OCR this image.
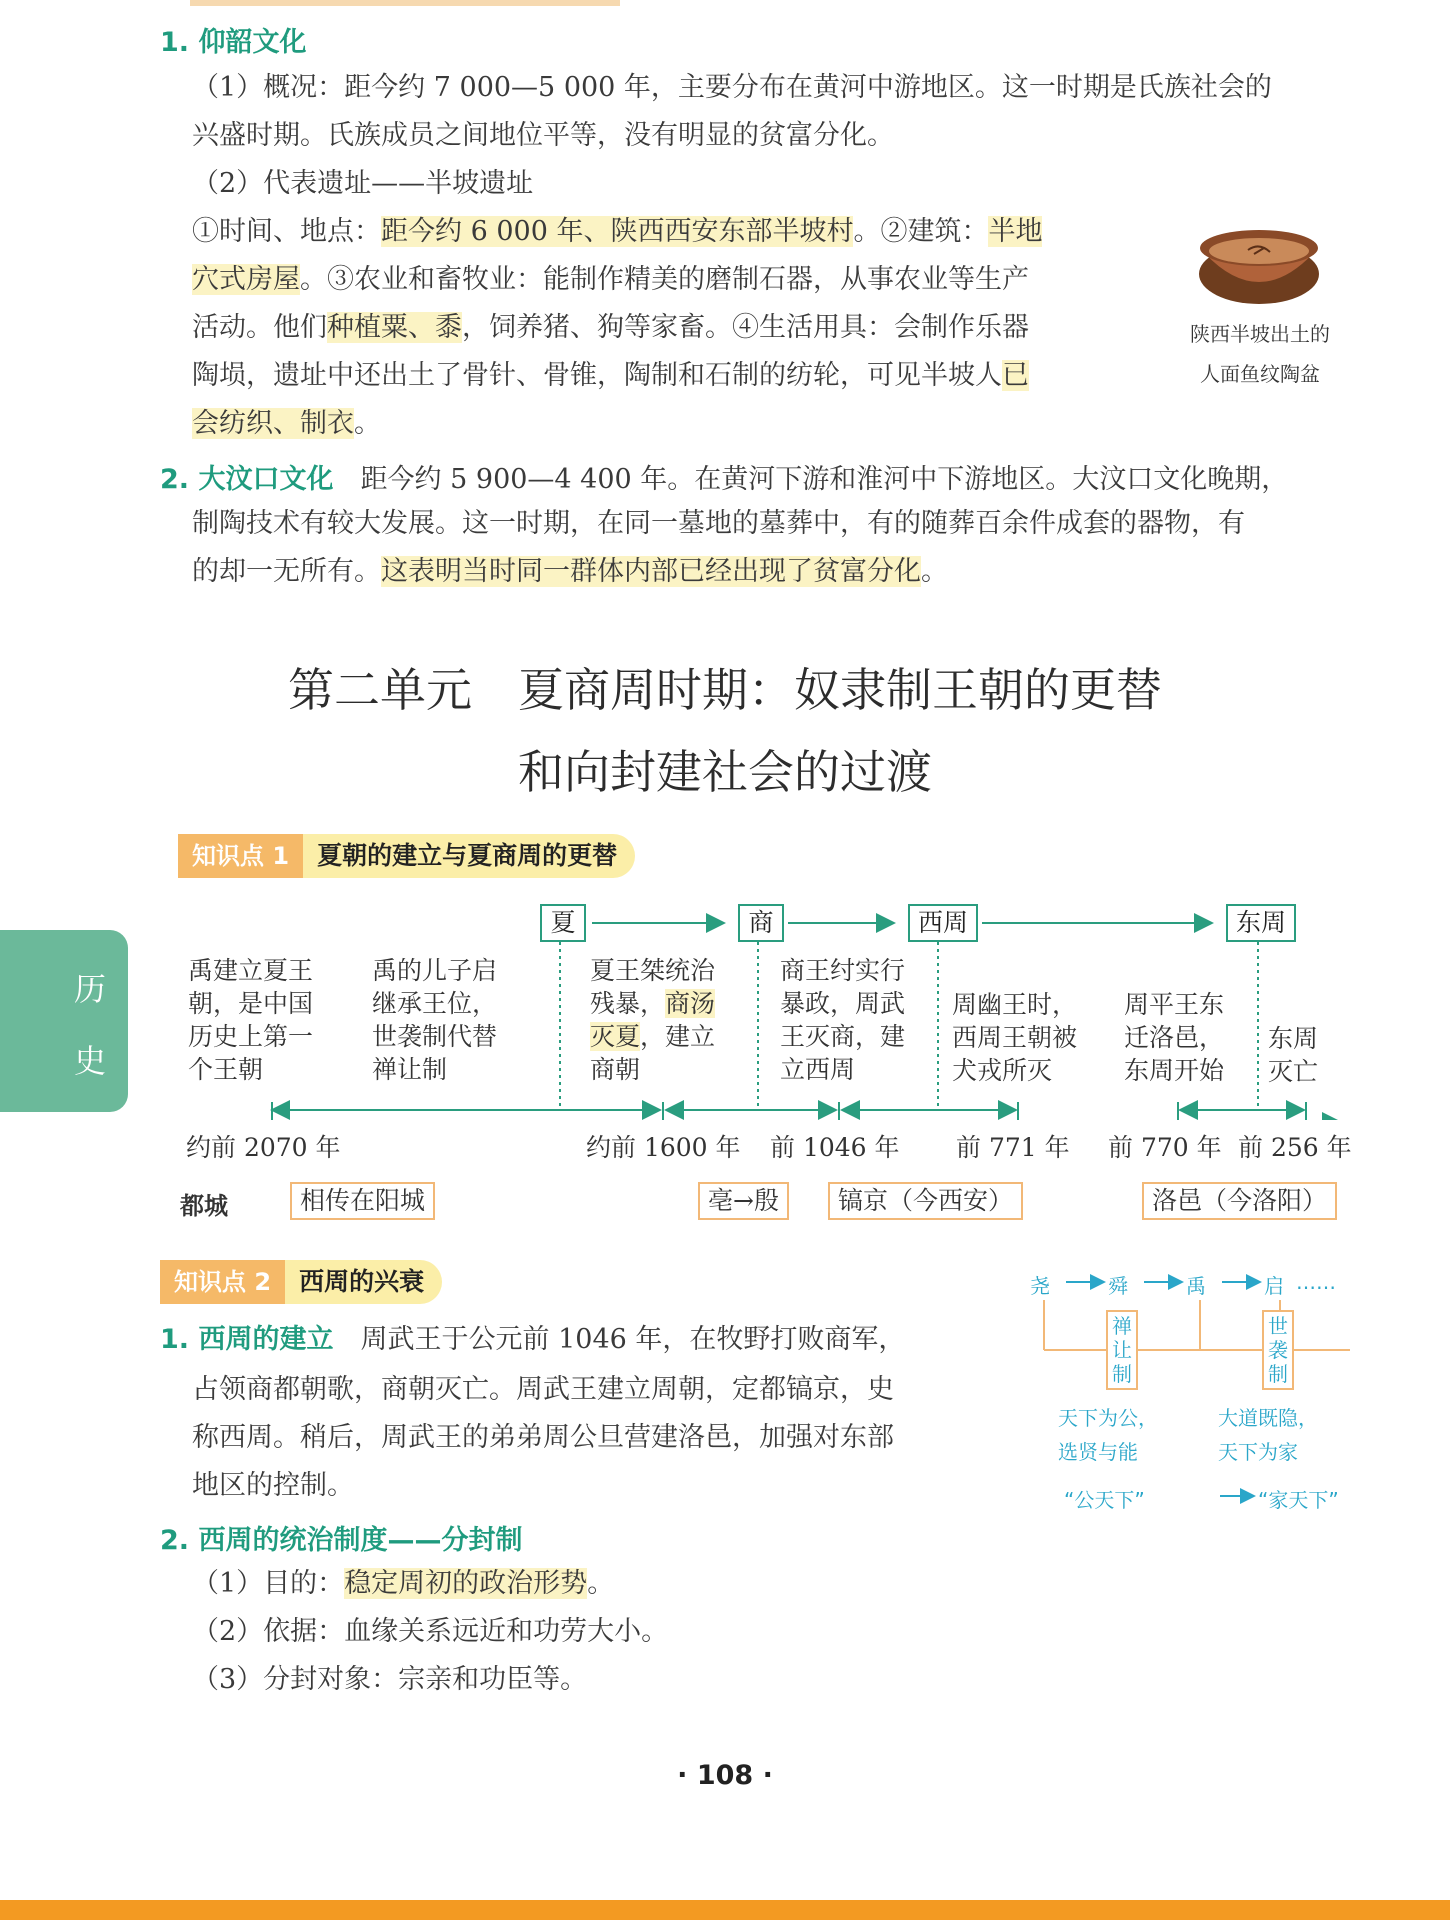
1. 仰韶文化
（1）概况：距今约 7 000—5 000 年，主要分布在黄河中游地区。这一时期是氏族社会的
兴盛时期。氏族成员之间地位平等，没有明显的贫富分化。
（2）代表遗址——半坡遗址
①时间、地点：距今约 6 000 年、陕西西安东部半坡村。②建筑：半地
穴式房屋。③农业和畜牧业：能制作精美的磨制石器，从事农业等生产
活动。他们种植粟、黍，饲养猪、狗等家畜。④生活用具：会制作乐器
陶埙，遗址中还出土了骨针、骨锥，陶制和石制的纺轮，可见半坡人已
会纺织、制衣。
陕西半坡出土的
人面鱼纹陶盆
2. 大汶口文化 距今约 5 900—4 400 年。在黄河下游和淮河中下游地区。大汶口文化晚期，
制陶技术有较大发展。这一时期，在同一墓地的墓葬中，有的随葬百余件成套的器物，有
的却一无所有。这表明当时同一群体内部已经出现了贫富分化。
第二单元　夏商周时期：奴隶制王朝的更替
和向封建社会的过渡
知识点 1	夏朝的建立与夏商周的更替
夏	商	西周	东周
禹建立夏王
朝，是中国
历史上第一
个王朝
禹的儿子启
继承王位，
世袭制代替
禅让制
夏王桀统治
残暴，商汤
灭夏，建立
商朝
商王纣实行
暴政，周武
王灭商，建
立西周
周幽王时，
西周王朝被
犬戎所灭
周平王东
迁洛邑，
东周开始
东周
灭亡
约前 2070 年	约前 1600 年 前 1046 年 前 771 年 前 770 年 前 256 年
都城	相传在阳城	亳→殷	镐京（今西安）	洛邑（今洛阳）
知识点 2	西周的兴衰
1. 西周的建立 周武王于公元前 1046 年，在牧野打败商军，
占领商都朝歌，商朝灭亡。周武王建立周朝，定都镐京，史
称西周。稍后，周武王的弟弟周公旦营建洛邑，加强对东部
地区的控制。
2. 西周的统治制度——分封制
（1）目的：稳定周初的政治形势。
（2）依据：血缘关系远近和功劳大小。
（3）分封对象：宗亲和功臣等。
尧	舜	禹	启 ……
禅让制
世袭制
天下为公，
选贤与能
大道既隐，
天下为家
“公天下”	“家天下”
历
史
· 108 ·
